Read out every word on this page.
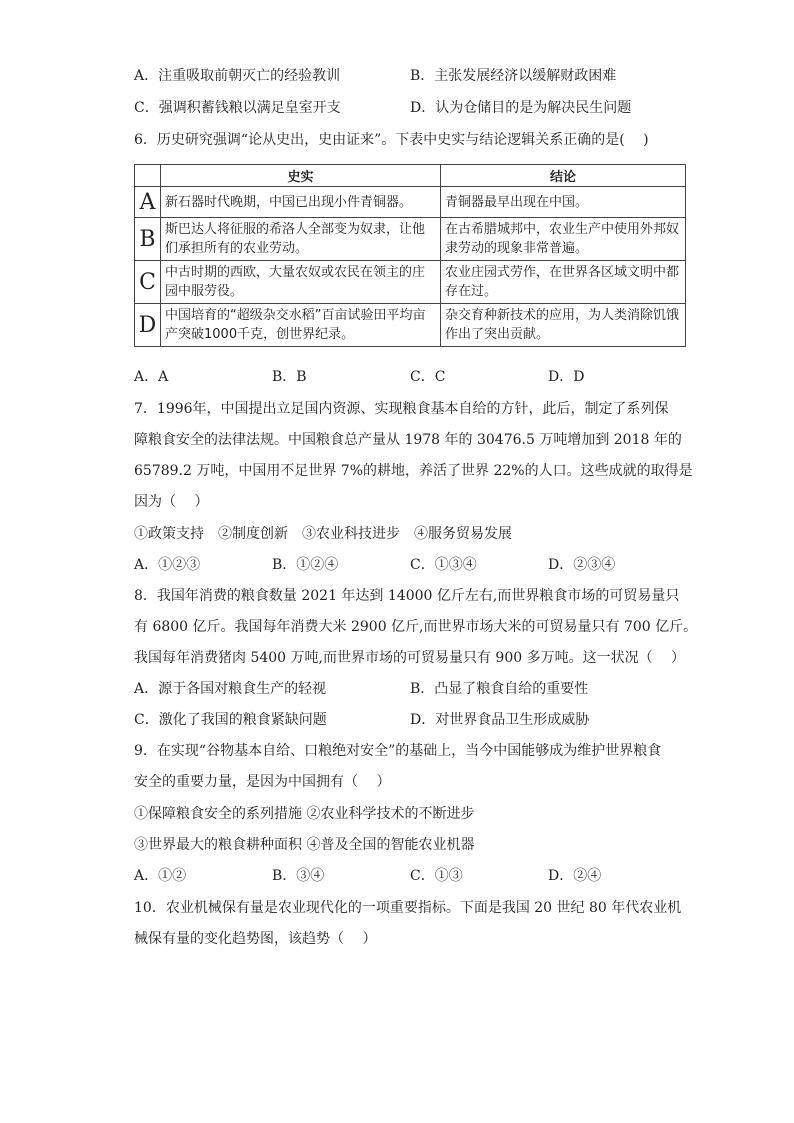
A．注重吸取前朝灭亡的经验教训	B．主张发展经济以缓解财政困难
C．强调积蓄钱粮以满足皇室开支	D．认为仓储目的是为解决民生问题
6．历史研究强调“论从史出，史由证来”。下表中史实与结论逻辑关系正确的是(　 )
	史实	结论
A	新石器时代晚期，中国已出现小件青铜器。	青铜器最早出现在中国。
B	斯巴达人将征服的希洛人全部变为奴隶，让他们承担所有的农业劳动。	在古希腊城邦中，农业生产中使用外邦奴隶劳动的现象非常普遍。
C	中古时期的西欧，大量农奴或农民在领主的庄园中服劳役。	农业庄园式劳作，在世界各区域文明中都存在过。
D	中国培育的“超级杂交水稻”百亩试验田平均亩产突破1000千克，创世界纪录。	杂交育种新技术的应用，为人类消除饥饿作出了突出贡献。
A．A	B．B	C．C	D．D
7．1996年，中国提出立足国内资源、实现粮食基本自给的方针，此后，制定了系列保
障粮食安全的法律法规。中国粮食总产量从 1978 年的 30476.5 万吨增加到 2018 年的
65789.2 万吨，中国用不足世界 7%的耕地，养活了世界 22%的人口。这些成就的取得是
因为（　 ）
①政策支持　②制度创新　③农业科技进步　④服务贸易发展
A．①②③	B．①②④	C．①③④	D．②③④
8．我国年消费的粮食数量 2021 年达到 14000 亿斤左右,而世界粮食市场的可贸易量只
有 6800 亿斤。我国每年消费大米 2900 亿斤,而世界市场大米的可贸易量只有 700 亿斤。
我国每年消费猪肉 5400 万吨,而世界市场的可贸易量只有 900 多万吨。这一状况（　 ）
A．源于各国对粮食生产的轻视	B．凸显了粮食自给的重要性
C．激化了我国的粮食紧缺问题	D．对世界食品卫生形成威胁
9．在实现“谷物基本自给、口粮绝对安全”的基础上，当今中国能够成为维护世界粮食
安全的重要力量，是因为中国拥有（　 ）
①保障粮食安全的系列措施 ②农业科学技术的不断进步
③世界最大的粮食耕种面积 ④普及全国的智能农业机器
A．①②	B．③④	C．①③	D．②④
10．农业机械保有量是农业现代化的一项重要指标。下面是我国 20 世纪 80 年代农业机
械保有量的变化趋势图，该趋势（　 ）
